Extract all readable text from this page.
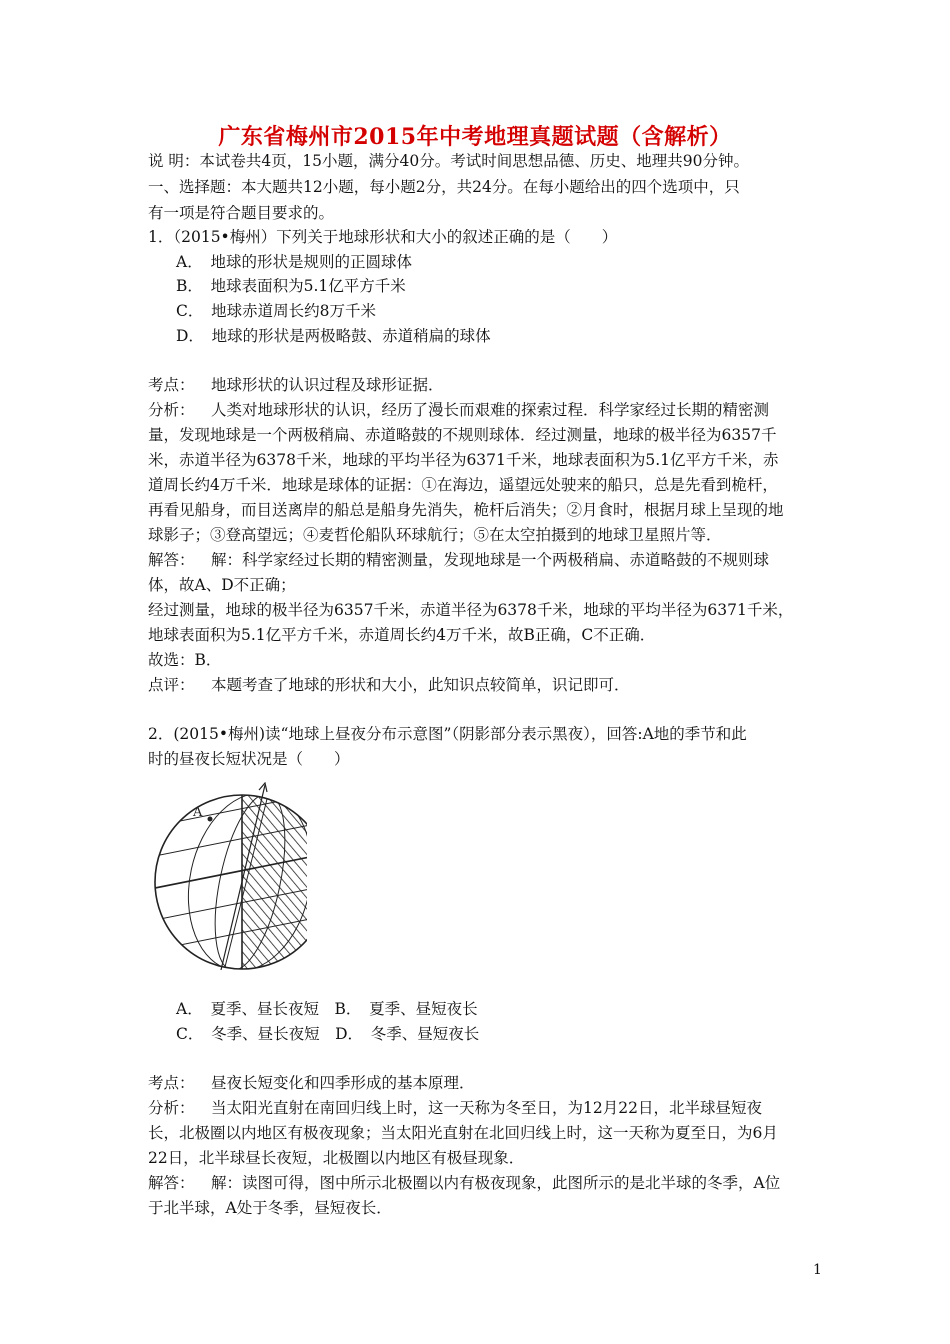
广东省梅州市2015年中考地理真题试题（含解析）
说 明：本试卷共4页，15小题，满分40分。考试时间思想品德、历史、地理共90分钟。
一、选择题：本大题共12小题，每小题2分，共24分。在每小题给出的四个选项中，只
有一项是符合题目要求的。
1．（2015•梅州）下列关于地球形状和大小的叙述正确的是（　　）
A．　地球的形状是规则的正圆球体
B．　地球表面积为5.1亿平方千米
C．　地球赤道周长约8万千米
D．　地球的形状是两极略鼓、赤道稍扁的球体
考点： 地球形状的认识过程及球形证据．
分析： 人类对地球形状的认识，经历了漫长而艰难的探索过程．科学家经过长期的精密测
量，发现地球是一个两极稍扁、赤道略鼓的不规则球体．经过测量，地球的极半径为6357千
米，赤道半径为6378千米，地球的平均半径为6371千米，地球表面积为5.1亿平方千米，赤
道周长约4万千米．地球是球体的证据：①在海边，遥望远处驶来的船只，总是先看到桅杆，
再看见船身，而目送离岸的船总是船身先消失，桅杆后消失；②月食时，根据月球上呈现的地
球影子；③登高望远；④麦哲伦船队环球航行；⑤在太空拍摄到的地球卫星照片等．
解答： 解：科学家经过长期的精密测量，发现地球是一个两极稍扁、赤道略鼓的不规则球
体，故A、D不正确；
经过测量，地球的极半径为6357千米，赤道半径为6378千米，地球的平均半径为6371千米，
地球表面积为5.1亿平方千米，赤道周长约4万千米，故B正确，C不正确．
故选：B．
点评： 本题考查了地球的形状和大小，此知识点较简单，识记即可．
2．(2015•梅州)读“地球上昼夜分布示意图”（阴影部分表示黑夜），回答:A地的季节和此
时的昼夜长短状况是（　　）
A
A．　夏季、昼长夜短　B．　夏季、昼短夜长
C．　冬季、昼长夜短　D．　冬季、昼短夜长
考点： 昼夜长短变化和四季形成的基本原理．
分析： 当太阳光直射在南回归线上时，这一天称为冬至日，为12月22日，北半球昼短夜
长，北极圈以内地区有极夜现象；当太阳光直射在北回归线上时，这一天称为夏至日，为6月
22日，北半球昼长夜短，北极圈以内地区有极昼现象．
解答： 解：读图可得，图中所示北极圈以内有极夜现象，此图所示的是北半球的冬季，A位
于北半球，A处于冬季，昼短夜长．
1
